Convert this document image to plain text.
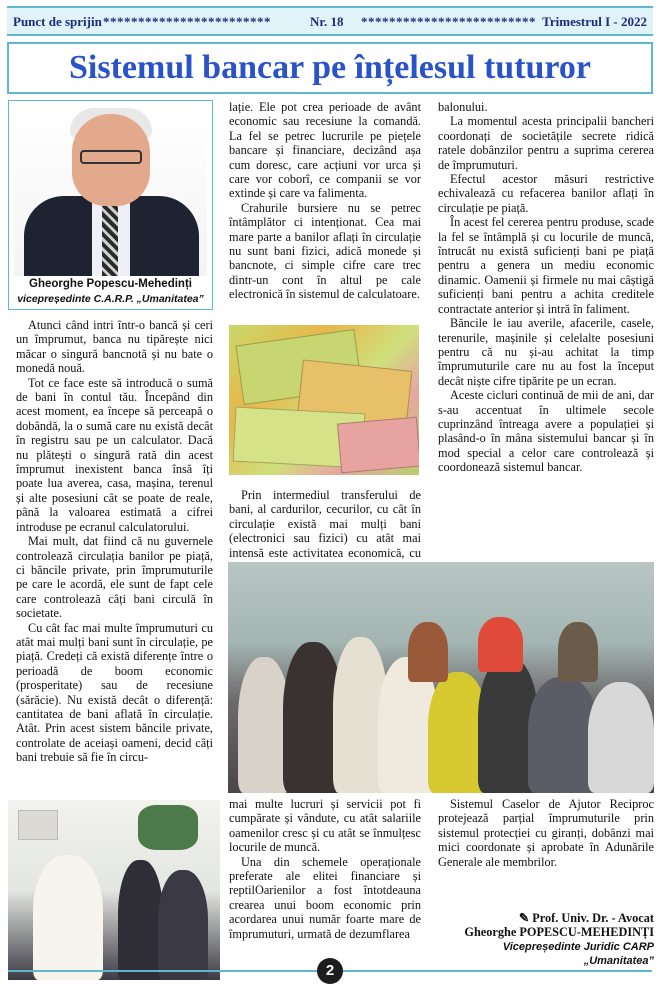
Punct de sprijin ************************	Nr. 18 ************************* Trimestrul I - 2022
Sistemul bancar pe înțelesul tuturor
Gheorghe Popescu-Mehedinți
vicepreședinte C.A.R.P. „Umanitatea”

Atunci când intri într-o bancă și ceri un împrumut, banca nu tipărește nici măcar o singură bancnotă și nu bate o monedă nouă.

Tot ce face este să introducă o sumă de bani în contul tău. Începând din acest moment, ea începe să perceapă o dobândă, la o sumă care nu există decât în registru sau pe un calculator. Dacă nu plătești o singură rată din acest împrumut inexistent banca însă îți poate lua averea, casa, mașina, terenul și alte posesiuni cât se poate de reale, până la valoarea estimată a cifrei introduse pe ecranul calculatorului.

Mai mult, dat fiind că nu guvernele controlează circulația banilor pe piață, ci băncile private, prin împrumuturile pe care le acordă, ele sunt de fapt cele care controlează câți bani circulă în societate.

Cu cât fac mai multe împrumuturi cu atât mai mulți bani sunt în circulație, pe piață. Credeți că există diferențe între o perioadă de boom economic (prosperitate) sau de recesiune (sărăcie). Nu există decât o diferență: cantitatea de bani aflată în circulație. Atât. Prin acest sistem băncile private, controlate de aceiași oameni, decid câți bani trebuie să fie în circu-

lație. Ele pot crea perioade de avânt economic sau recesiune la comandă. La fel se petrec lucrurile pe piețele bancare și financiare, decizând așa cum doresc, care acțiuni vor urca și care vor coborî, ce companii se vor extinde și care va falimenta.

Crahurile bursiere nu se petrec întâmplător ci intenționat. Cea mai mare parte a banilor aflați în circulație nu sunt bani fizici, adică monede și bancnote, ci simple cifre care trec dintr-un cont în altul pe cale electronică în sistemul de calculatoare.

Prin intermediul transferului de bani, al cardurilor, cecurilor, cu cât în circulație există mai mulți bani (electronici sau fizici) cu atât mai intensă este activitatea economică, cu

balonului.

La momentul acesta principalii bancheri coordonați de societățile secrete ridică ratele dobânzilor pentru a suprima cererea de împrumuturi.

Efectul acestor măsuri restrictive echivalează cu refacerea banilor aflați în circulație pe piață.

În acest fel cererea pentru produse, scade la fel se întâmplă și cu locurile de muncă, întrucât nu există suficienți bani pe piață pentru a genera un mediu economic dinamic. Oamenii și firmele nu mai câștigă suficienți bani pentru a achita creditele contractate anterior și intră în faliment.

Băncile le iau averile, afacerile, casele, terenurile, mașinile și celelalte posesiuni pentru că nu și-au achitat la timp împrumuturile care nu au fost la început decât niște cifre tipărite pe un ecran.

Aceste cicluri continuă de mii de ani, dar s-au accentuat în ultimele secole cuprinzând întreaga avere a populației și plasând-o în mâna sistemului bancar și în mod special a celor care controlează și coordonează sistemul bancar.

mai multe lucruri și servicii pot fi cumpărate și vândute, cu atât salariile oamenilor cresc și cu atât se înmulțesc locurile de muncă.

Una din schemele operaționale preferate ale elitei financiare și reptilOarienilor a fost întotdeauna crearea unui boom economic prin acordarea unui număr foarte mare de împrumuturi, urmată de dezumflarea

Sistemul Caselor de Ajutor Reciproc protejează parțial împrumuturile prin sistemul protecției cu giranți, dobânzi mai mici coordonate și aprobate în Adunările Generale ale membrilor.

✎ Prof. Univ. Dr. - Avocat
Gheorghe POPESCU-MEHEDINȚI
Vicepreședinte Juridic CARP „Umanitatea”
2
